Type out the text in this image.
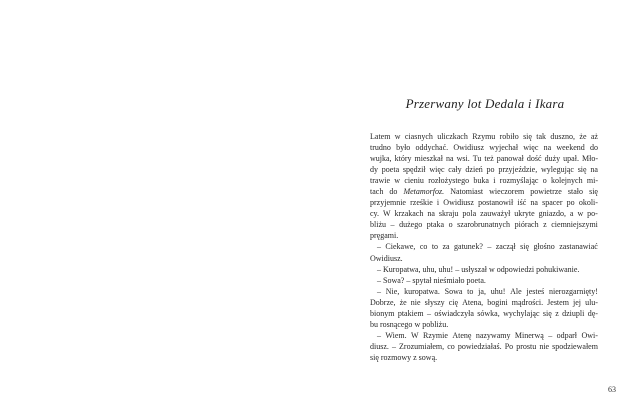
Przerwany lot Dedala i Ikara
Latem w ciasnych uliczkach Rzymu robiło się tak duszno, że aż
trudno było oddychać. Owidiusz wyjechał więc na weekend do
wujka, który mieszkał na wsi. Tu też panował dość duży upał. Mło-
dy poeta spędził więc cały dzień po przyjeździe, wylegując się na
trawie w cieniu rozłożystego buka i rozmyślając o kolejnych mi-
tach do Metamorfoz. Natomiast wieczorem powietrze stało się
przyjemnie rześkie i Owidiusz postanowił iść na spacer po okoli-
cy. W krzakach na skraju pola zauważył ukryte gniazdo, a w po-
bliżu – dużego ptaka o szarobrunatnych piórach z ciemniejszymi
pręgami.
– Ciekawe, co to za gatunek? – zaczął się głośno zastanawiać
Owidiusz.
–
Kuropatwa,
uhu,
uhu!
–
usłyszał
w
odpowiedzi
pohukiwanie.
–
Sowa?
–
spytał
nieśmiało
poeta.
– Nie, kuropatwa. Sowa to ja, uhu! Ale jesteś nierozgarnięty!
Dobrze, że nie słyszy cię Atena, bogini mądrości. Jestem jej ulu-
bionym ptakiem – oświadczyła sówka, wychylając się z dziupli dę-
bu
rosnącego
w
pobliżu.
– Wiem. W Rzymie Atenę nazywamy Minerwą – odparł Owi-
diusz. – Zrozumiałem, co powiedziałaś. Po prostu nie spodziewałem
się
rozmowy
z
sową.
63
